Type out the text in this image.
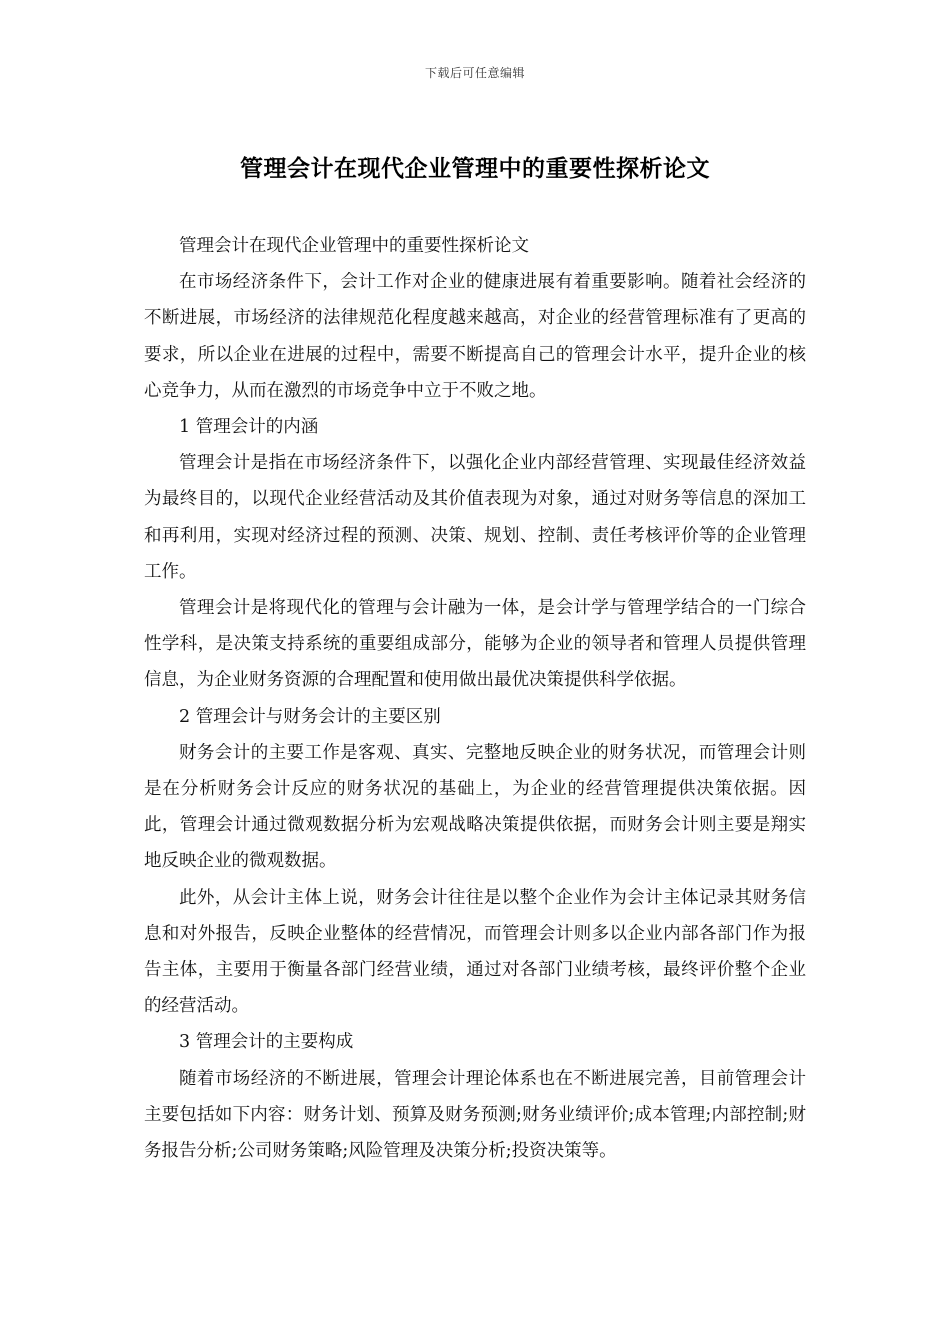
下载后可任意编辑
管理会计在现代企业管理中的重要性探析论文

管理会计在现代企业管理中的重要性探析论文

在市场经济条件下，会计工作对企业的健康进展有着重要影响。随着社会经济的不断进展，市场经济的法律规范化程度越来越高，对企业的经营管理标准有了更高的要求，所以企业在进展的过程中，需要不断提高自己的管理会计水平，提升企业的核心竞争力，从而在激烈的市场竞争中立于不败之地。

1 管理会计的内涵

管理会计是指在市场经济条件下，以强化企业内部经营管理、实现最佳经济效益为最终目的，以现代企业经营活动及其价值表现为对象，通过对财务等信息的深加工和再利用，实现对经济过程的预测、决策、规划、控制、责任考核评价等的企业管理工作。

管理会计是将现代化的管理与会计融为一体，是会计学与管理学结合的一门综合性学科，是决策支持系统的重要组成部分，能够为企业的领导者和管理人员提供管理信息，为企业财务资源的合理配置和使用做出最优决策提供科学依据。

2 管理会计与财务会计的主要区别

财务会计的主要工作是客观、真实、完整地反映企业的财务状况，而管理会计则是在分析财务会计反应的财务状况的基础上，为企业的经营管理提供决策依据。因此，管理会计通过微观数据分析为宏观战略决策提供依据，而财务会计则主要是翔实地反映企业的微观数据。

此外，从会计主体上说，财务会计往往是以整个企业作为会计主体记录其财务信息和对外报告，反映企业整体的经营情况，而管理会计则多以企业内部各部门作为报告主体，主要用于衡量各部门经营业绩，通过对各部门业绩考核，最终评价整个企业的经营活动。

3 管理会计的主要构成

随着市场经济的不断进展，管理会计理论体系也在不断进展完善，目前管理会计主要包括如下内容：财务计划、预算及财务预测;财务业绩评价;成本管理;内部控制;财务报告分析;公司财务策略;风险管理及决策分析;投资决策等。
